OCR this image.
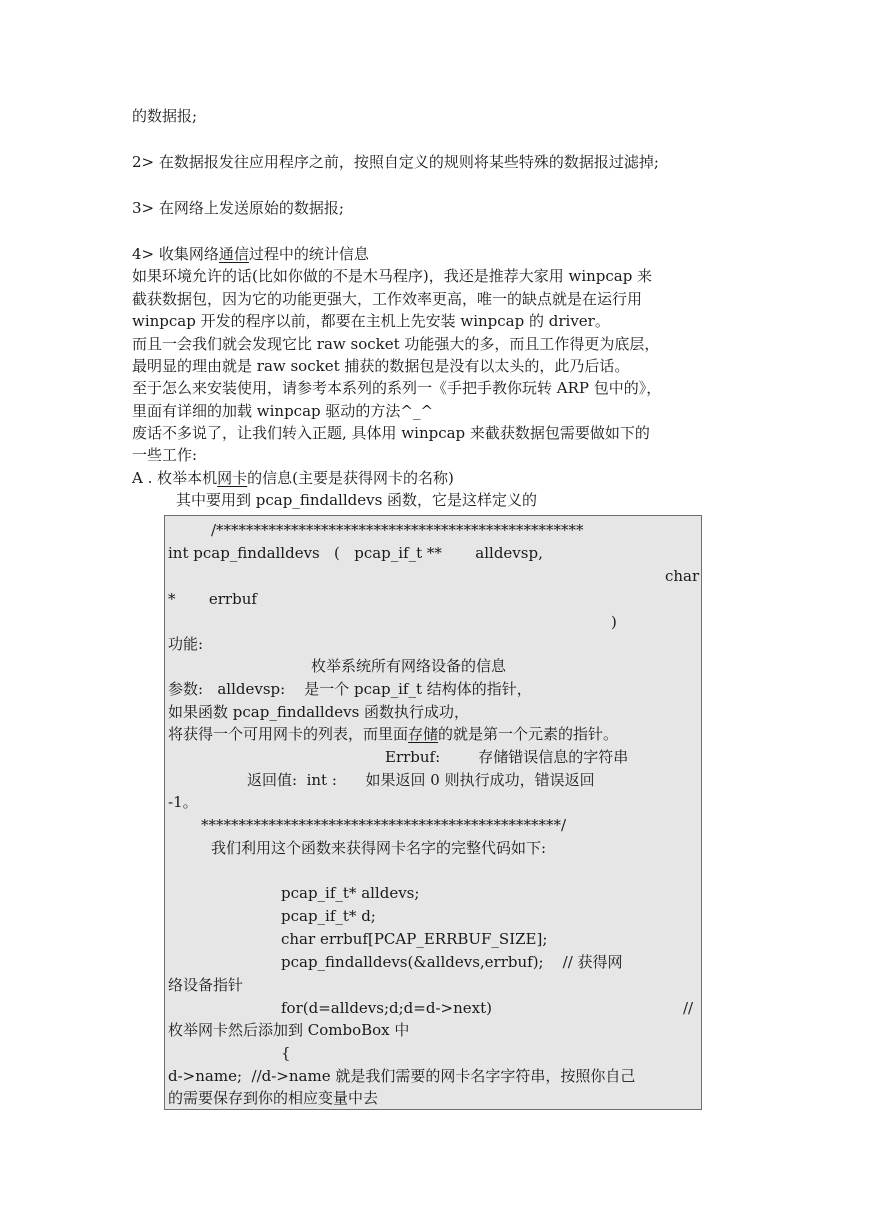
的数据报;
2> 在数据报发往应用程序之前，按照自定义的规则将某些特殊的数据报过滤掉;
3> 在网络上发送原始的数据报;
4> 收集网络通信过程中的统计信息
如果环境允许的话(比如你做的不是木马程序)，我还是推荐大家用 winpcap 来
截获数据包，因为它的功能更强大，工作效率更高，唯一的缺点就是在运行用
winpcap 开发的程序以前，都要在主机上先安装 winpcap 的 driver。
而且一会我们就会发现它比 raw socket 功能强大的多，而且工作得更为底层，
最明显的理由就是 raw socket 捕获的数据包是没有以太头的，此乃后话。
至于怎么来安装使用，请参考本系列的系列一《手把手教你玩转 ARP 包中的》，
里面有详细的加载 winpcap 驱动的方法^_^
废话不多说了，让我们转入正题, 具体用 winpcap 来截获数据包需要做如下的
一些工作:
A . 枚举本机网卡的信息(主要是获得网卡的名称)
其中要用到 pcap_findalldevs 函数，它是这样定义的
/*************************************************
int pcap_findalldevs   (   pcap_if_t **       alldevsp,
char
*       errbuf
)
功能:
枚举系统所有网络设备的信息
参数:   alldevsp:    是一个 pcap_if_t 结构体的指针，
如果函数 pcap_findalldevs 函数执行成功，
将获得一个可用网卡的列表，而里面存储的就是第一个元素的指针。
Errbuf:        存储错误信息的字符串
返回值:  int :      如果返回 0 则执行成功，错误返回
-1。
************************************************/
我们利用这个函数来获得网卡名字的完整代码如下:
pcap_if_t* alldevs;
pcap_if_t* d;
char errbuf[PCAP_ERRBUF_SIZE];
pcap_findalldevs(&alldevs,errbuf);    // 获得网
络设备指针
for(d=alldevs;d;d=d->next)	//
枚举网卡然后添加到 ComboBox 中
{
d->name;  //d->name 就是我们需要的网卡名字字符串，按照你自己
的需要保存到你的相应变量中去
